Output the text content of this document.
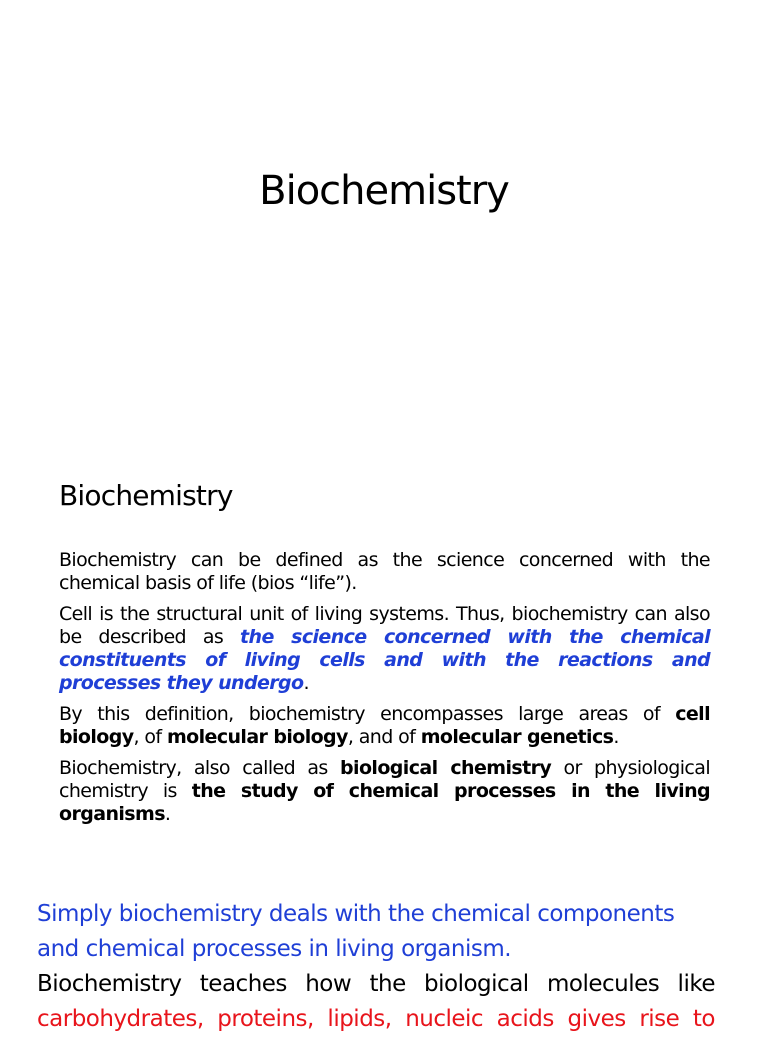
Biochemistry
Biochemistry

Biochemistry can be defined as the science concerned with the chemical basis of life (bios “life”).

Cell is the structural unit of living systems. Thus, biochemistry can also be described as the science concerned with the chemical constituents of living cells and with the reactions and processes they undergo.

By this definition, biochemistry encompasses large areas of cell biology, of molecular biology, and of molecular genetics.

Biochemistry, also called as biological chemistry or physiological chemistry is the study of chemical processes in the living organisms.

Simply biochemistry deals with the chemical components and chemical processes in living organism.

Biochemistry teaches how the biological molecules like

carbohydrates, proteins, lipids, nucleic acids gives rise to
